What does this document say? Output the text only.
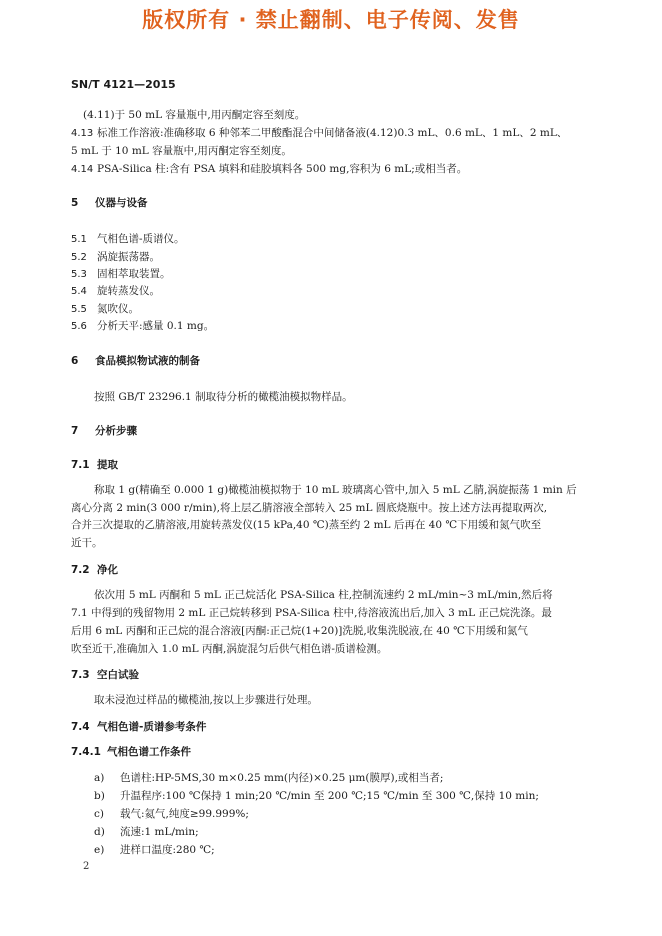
版权所有 · 禁止翻制、电子传阅、发售
SN/T 4121—2015
(4.11)于 50 mL 容量瓶中,用丙酮定容至刻度。
4.13 标准工作溶液:准确移取 6 种邻苯二甲酸酯混合中间储备液(4.12)0.3 mL、0.6 mL、1 mL、2 mL、
5 mL 于 10 mL 容量瓶中,用丙酮定容至刻度。
4.14 PSA-Silica 柱:含有 PSA 填料和硅胶填料各 500 mg,容积为 6 mL;或相当者。
5 仪器与设备
5.1 气相色谱-质谱仪。
5.2 涡旋振荡器。
5.3 固相萃取装置。
5.4 旋转蒸发仪。
5.5 氮吹仪。
5.6 分析天平:感量 0.1 mg。
6 食品模拟物试液的制备
按照 GB/T 23296.1 制取待分析的橄榄油模拟物样品。
7 分析步骤
7.1 提取
称取 1 g(精确至 0.000 1 g)橄榄油模拟物于 10 mL 玻璃离心管中,加入 5 mL 乙腈,涡旋振荡 1 min 后
离心分离 2 min(3 000 r/min),将上层乙腈溶液全部转入 25 mL 圆底烧瓶中。按上述方法再提取两次,
合并三次提取的乙腈溶液,用旋转蒸发仪(15 kPa,40 ℃)蒸至约 2 mL 后再在 40 ℃下用缓和氮气吹至
近干。
7.2 净化
依次用 5 mL 丙酮和 5 mL 正己烷活化 PSA-Silica 柱,控制流速约 2 mL/min~3 mL/min,然后将
7.1 中得到的残留物用 2 mL 正己烷转移到 PSA-Silica 柱中,待溶液流出后,加入 3 mL 正己烷洗涤。最
后用 6 mL 丙酮和正己烷的混合溶液[丙酮:正己烷(1+20)]洗脱,收集洗脱液,在 40 ℃下用缓和氮气
吹至近干,准确加入 1.0 mL 丙酮,涡旋混匀后供气相色谱-质谱检测。
7.3 空白试验
取未浸泡过样品的橄榄油,按以上步骤进行处理。
7.4 气相色谱-质谱参考条件
7.4.1 气相色谱工作条件
a) 色谱柱:HP-5MS,30 m×0.25 mm(内径)×0.25 μm(膜厚),或相当者;
b) 升温程序:100 ℃保持 1 min;20 ℃/min 至 200 ℃;15 ℃/min 至 300 ℃,保持 10 min;
c) 载气:氦气,纯度≥99.999%;
d) 流速:1 mL/min;
e) 进样口温度:280 ℃;
2
